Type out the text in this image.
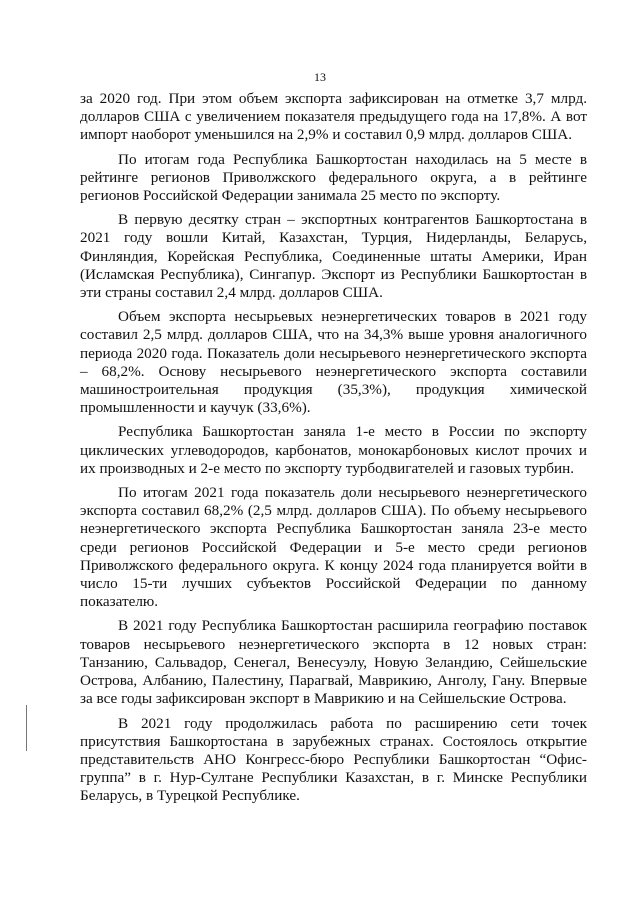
13

за 2020 год. При этом объем экспорта зафиксирован на отметке 3,7 млрд. долларов США с увеличением показателя предыдущего года на 17,8%. А вот импорт наоборот уменьшился на 2,9% и составил 0,9 млрд. долларов США.

По итогам года Республика Башкортостан находилась на 5 месте в рейтинге регионов Приволжского федерального округа, а в рейтинге регионов Российской Федерации занимала 25 место по экспорту.

В первую десятку стран – экспортных контрагентов Башкортостана в 2021 году вошли Китай, Казахстан, Турция, Нидерланды, Беларусь, Финляндия, Корейская Республика, Соединенные штаты Америки, Иран (Исламская Республика), Сингапур. Экспорт из Республики Башкортостан в эти страны составил 2,4 млрд. долларов США.

Объем экспорта несырьевых неэнергетических товаров в 2021 году составил 2,5 млрд. долларов США, что на 34,3% выше уровня аналогичного периода 2020 года. Показатель доли несырьевого неэнергетического экспорта – 68,2%. Основу несырьевого неэнергетического экспорта составили машиностроительная продукция (35,3%), продукция химической промышленности и каучук (33,6%).

Республика Башкортостан заняла 1-е место в России по экспорту циклических углеводородов, карбонатов, монокарбоновых кислот прочих и их производных и 2-е место по экспорту турбодвигателей и газовых турбин.

По итогам 2021 года показатель доли несырьевого неэнергетического экспорта составил 68,2% (2,5 млрд. долларов США). По объему несырьевого неэнергетического экспорта Республика Башкортостан заняла 23-е место среди регионов Российской Федерации и 5-е место среди регионов Приволжского федерального округа. К концу 2024 года планируется войти в число 15-ти лучших субъектов Российской Федерации по данному показателю.

В 2021 году Республика Башкортостан расширила географию поставок товаров несырьевого неэнергетического экспорта в 12 новых стран: Танзанию, Сальвадор, Сенегал, Венесуэлу, Новую Зеландию, Сейшельские Острова, Албанию, Палестину, Парагвай, Маврикию, Анголу, Гану. Впервые за все годы зафиксирован экспорт в Маврикию и на Сейшельские Острова.

В 2021 году продолжилась работа по расширению сети точек присутствия Башкортостана в зарубежных странах. Состоялось открытие представительств АНО Конгресс-бюро Республики Башкортостан “Офис-группа” в г. Нур-Султане Республики Казахстан, в г. Минске Республики Беларусь, в Турецкой Республике.
